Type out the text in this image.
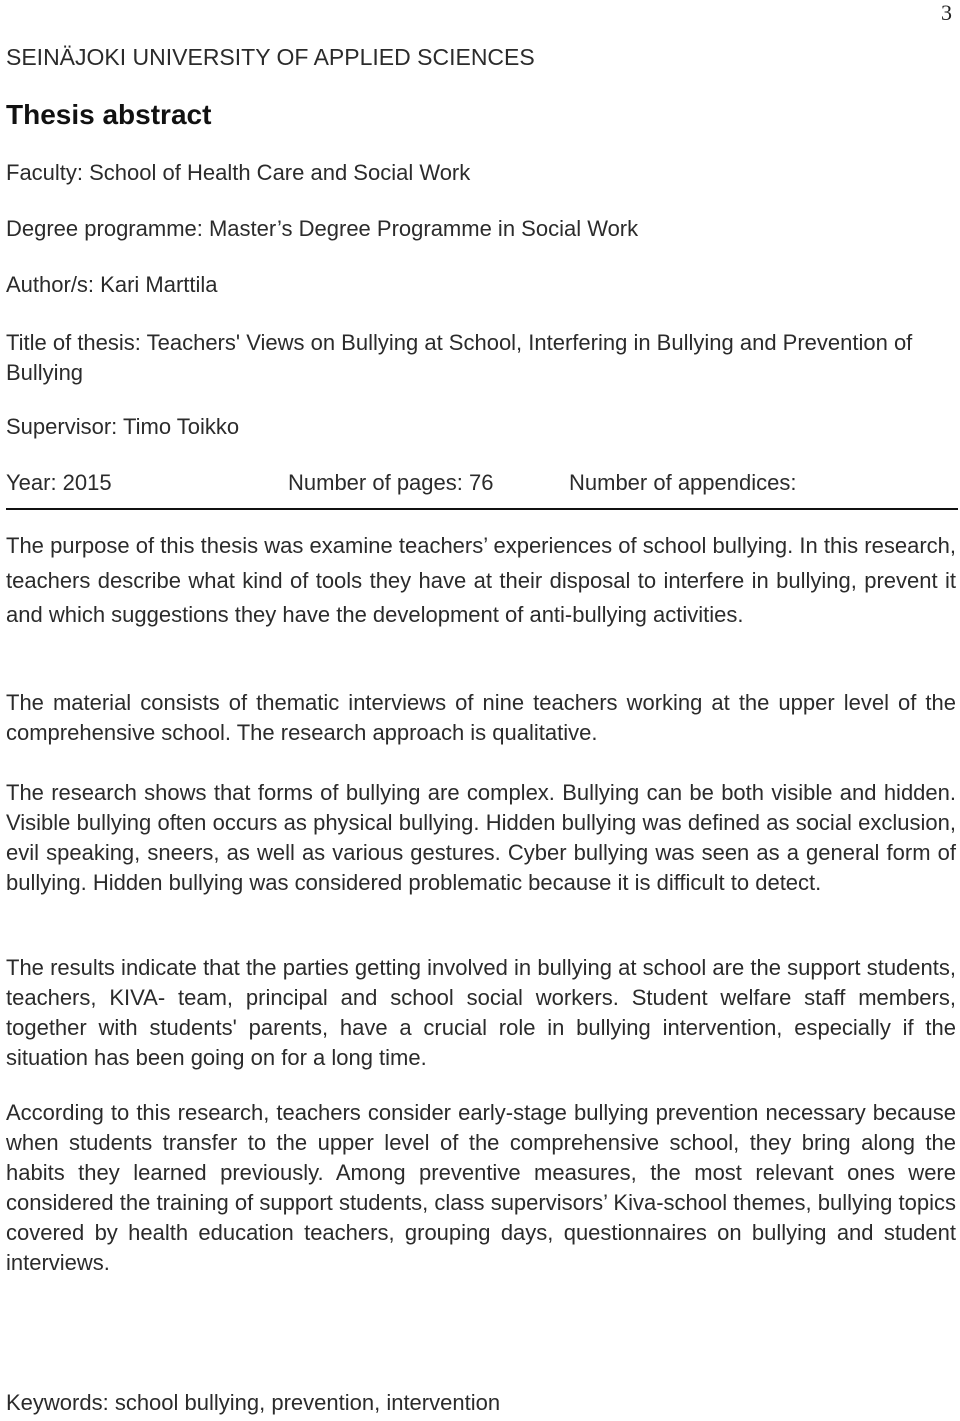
3
SEINÄJOKI UNIVERSITY OF APPLIED SCIENCES
Thesis abstract
Faculty: School of Health Care and Social Work
Degree programme: Master’s Degree Programme in Social Work
Author/s: Kari Marttila
Title of thesis: Teachers' Views on Bullying at School, Interfering in Bullying and Prevention of Bullying
Supervisor: Timo Toikko
Year: 2015	Number of pages: 76	Number of appendices:

The purpose of this thesis was examine teachers’ experiences of school bullying. In this research, teachers describe what kind of tools they have at their disposal to interfere in bullying, prevent it and which suggestions they have the development of anti-bullying activities.

The material consists of thematic interviews of nine teachers working at the upper level of the comprehensive school. The research approach is qualitative.

The research shows that forms of bullying are complex. Bullying can be both visible and hidden. Visible bullying often occurs as physical bullying. Hidden bullying was defined as social exclusion, evil speaking, sneers, as well as various gestures. Cyber bullying was seen as a general form of bullying. Hidden bullying was considered problematic because it is difficult to detect.

The results indicate that the parties getting involved in bullying at school are the support students, teachers, KIVA- team, principal and school social workers. Student welfare staff members, together with students' parents, have a crucial role in bullying intervention, especially if the situation has been going on for a long time.

According to this research, teachers consider early-stage bullying prevention necessary because when students transfer to the upper level of the comprehensive school, they bring along the habits they learned previously. Among preventive measures, the most relevant ones were considered the training of support students, class supervisors’ Kiva-school themes, bullying topics covered by health education teachers, grouping days, questionnaires on bullying and student interviews.

Keywords: school bullying, prevention, intervention
